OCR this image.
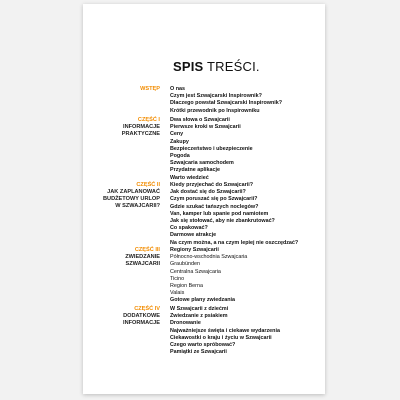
SPIS TREŚCI.
WSTĘP O nas
Czym jest Szwajcarski Inspirownik?
Dlaczego powstał Szwajcarski Inspirownik?
Krótki przewodnik po Inspirowniku
CZĘŚĆ I
INFORMACJE
PRAKTYCZNE
Dwa słowa o Szwajcarii
Pierwsze kroki w Szwajcarii
Ceny
Zakupy
Bezpieczeństwo i ubezpieczenie
Pogoda
Szwajcaria samochodem
Przydatne aplikacje
Warto wiedzieć
CZĘŚĆ II
JAK ZAPLANOWAĆ
BUDŻETOWY URLOP
W SZWAJCARII?
Kiedy przyjechać do Szwajcarii?
Jak dostać się do Szwajcarii?
Czym poruszać się po Szwajcarii?
Gdzie szukać tańszych noclegów?
Van, kamper lub spanie pod namiotem
Jak się stołować, aby nie zbankrutować?
Co spakować?
Darmowe atrakcje
Na czym można, a na czym lepiej nie oszczędzać?
CZĘŚĆ III
ZWIEDZANIE
SZWAJCARII
Regiony Szwajcarii
Północno-wschodnia Szwajcaria
Graubünden
Centralna Szwajcaria
Ticino
Region Berna
Valais
Gotowe plany zwiedzania
CZĘŚĆ IV
DODATKOWE
INFORMACJE
W Szwajcarii z dziećmi
Zwiedzanie z psiakiem
Dronowanie
Najważniejsze święta i ciekawe wydarzenia
Ciekawostki o kraju i życiu w Szwajcarii
Czego warto spróbować?
Pamiątki ze Szwajcarii
